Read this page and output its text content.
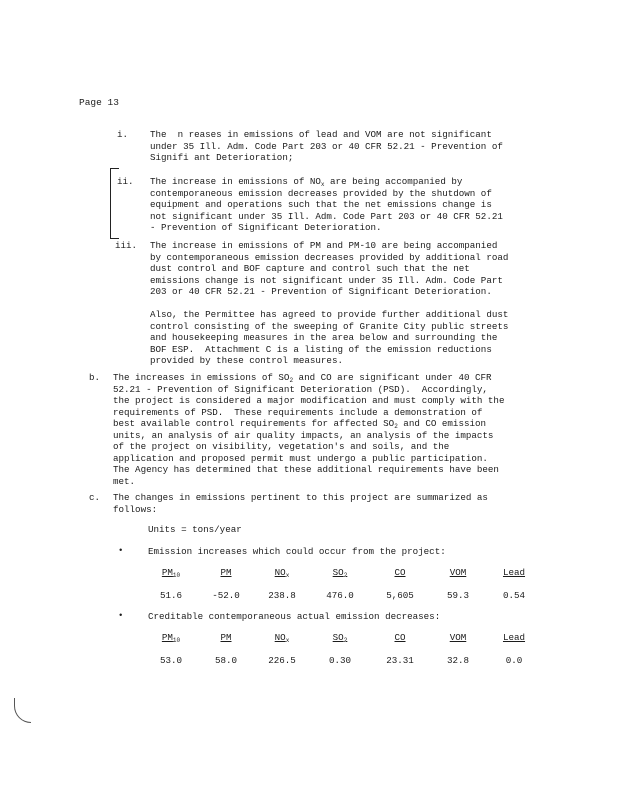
Page 13
i. The  n reases in emissions of lead and VOM are not significant
under 35 Ill. Adm. Code Part 203 or 40 CFR 52.21 - Prevention of
Signifi ant Deterioration;
ii. The increase in emissions of $NO_x$ are being accompanied by
contemporaneous emission decreases provided by the shutdown of
equipment and operations such that the net emissions change is
not significant under 35 Ill. Adm. Code Part 203 or 40 CFR 52.21
- Prevention of Significant Deterioration.
iii. The increase in emissions of PM and PM-10 are being accompanied
by contemporaneous emission decreases provided by additional road
dust control and BOF capture and control such that the net
emissions change is not significant under 35 Ill. Adm. Code Part
203 or 40 CFR 52.21 - Prevention of Significant Deterioration.
Also, the Permittee has agreed to provide further additional dust
control consisting of the sweeping of Granite City public streets
and housekeeping measures in the area below and surrounding the
BOF ESP.  Attachment C is a listing of the emission reductions
provided by these control measures.
b. The increases in emissions of $SO_2$ and CO are significant under 40 CFR
52.21 - Prevention of Significant Deterioration (PSD).  Accordingly,
the project is considered a major modification and must comply with the
requirements of PSD.  These requirements include a demonstration of
best available control requirements for affected $SO_2$ and CO emission
units, an analysis of air quality impacts, an analysis of the impacts
of the project on visibility, vegetation's and soils, and the
application and proposed permit must undergo a public participation.
The Agency has determined that these additional requirements have been
met.
c. The changes in emissions pertinent to this project are summarized as
follows:
Units = tons/year
•	Emission increases which could occur from the project:
$PM_{10}$	PM	$NO_x$	$SO_2$	CO	VOM	Lead
51.6	-52.0	238.8	476.0	5,605	59.3	0.54
•	Creditable contemporaneous actual emission decreases:
$PM_{10}$	PM	$NO_x$	$SO_2$	CO	VOM	Lead
53.0	58.0	226.5	0.30	23.31	32.8	0.0
